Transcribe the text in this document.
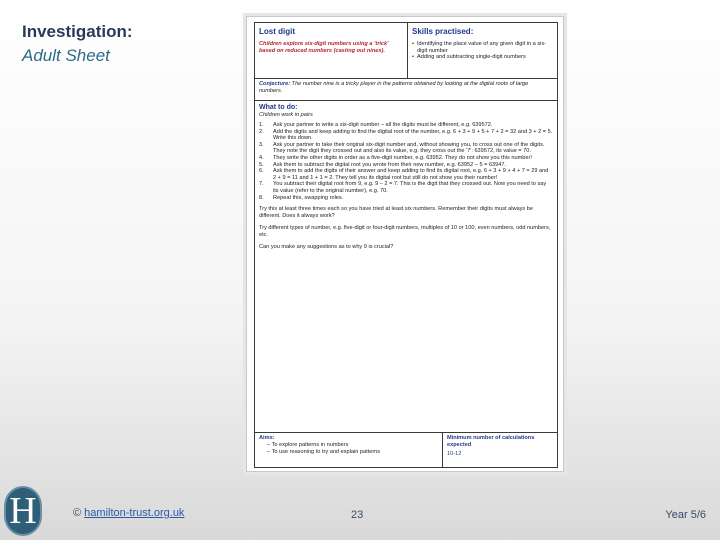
Investigation:
Adult Sheet
Lost digit
Children explore six-digit numbers using a 'trick' based on reduced numbers (casting out nines).
Skills practised:
• Identifying the place value of any given digit in a six-digit number
• Adding and subtracting single-digit numbers
Conjecture: The number nine is a tricky player in the patterns obtained by looking at the digital roots of large numbers.
What to do:
Children work in pairs
1.	Ask your partner to write a six-digit number – all the digits must be different, e.g. 639572.
2.	Add the digits and keep adding to find the digital root of the number, e.g. 6 + 3 + 9 + 5 + 7 + 2 = 32 and 3 + 2 = 5. Write this down.
3.	Ask your partner to take their original six-digit number and, without showing you, to cross out one of the digits. They note the digit they crossed out and also its value, e.g. they cross out the '7': 639572, its value = 70.
4.	They write the other digits in order as a five-digit number, e.g. 63952. They do not show you this number!
5.	Ask them to subtract the digital root you wrote from their new number, e.g. 63952 – 5 = 63947.
6.	Ask them to add the digits of their answer and keep adding to find its digital root, e.g. 6 + 3 + 9 + 4 + 7 = 29 and 2 + 9 = 11 and 1 + 1 = 2. They tell you its digital root but still do not show you their number!
7.	You subtract their digital root from 9, e.g. 9 – 2 = 7. This is the digit that they crossed out. Now you need to say its value (refer to the original number), e.g. 70.
8.	Repeat this, swapping roles.
Try this at least three times each so you have tried at least six numbers. Remember their digits must always be different. Does it always work?
Try different types of number, e.g. five-digit or four-digit numbers, multiples of 10 or 100, even numbers, odd numbers, etc.
Can you make any suggestions as to why 9 is crucial?
Aims:
– To explore patterns in numbers
– To use reasoning to try and explain patterns
Minimum number of calculations expected
10-12
H	© hamilton-trust.org.uk	23	Year 5/6
